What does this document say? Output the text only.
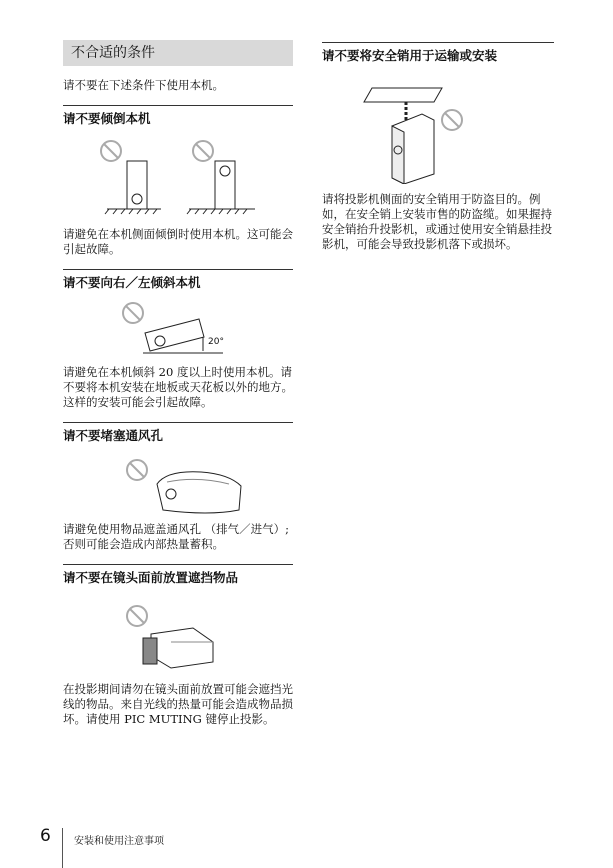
不合适的条件

请不要在下述条件下使用本机。

请不要倾倒本机

请避免在本机侧面倾倒时使用本机。这可能会引起故障。

请不要向右／左倾斜本机

20°

请避免在本机倾斜 20 度以上时使用本机。请不要将本机安装在地板或天花板以外的地方。这样的安装可能会引起故障。

请不要堵塞通风孔

请避免使用物品遮盖通风孔 （排气／进气）; 否则可能会造成内部热量蓄积。

请不要在镜头面前放置遮挡物品

在投影期间请勿在镜头面前放置可能会遮挡光线的物品。来自光线的热量可能会造成物品损坏。请使用 PIC MUTING 键停止投影。

请不要将安全销用于运输或安装

请将投影机侧面的安全销用于防盗目的。例如，在安全销上安装市售的防盗缆。如果握持安全销抬升投影机，或通过使用安全销悬挂投影机，可能会导致投影机落下或损坏。

6 安装和使用注意事项
